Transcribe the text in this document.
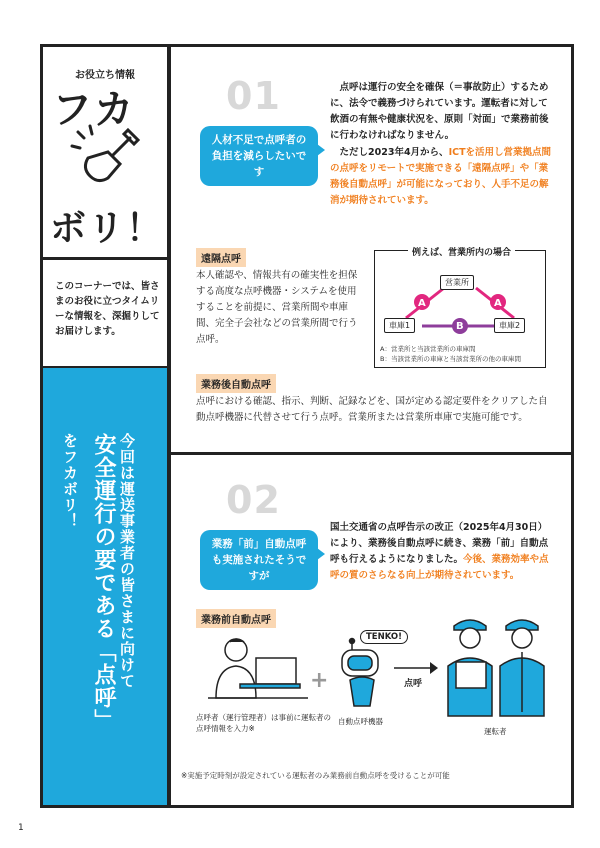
お役立ち情報
フカ
ボリ！
このコーナーでは、皆さまのお役に立つタイムリーな情報を、深掘りしてお届けします。
今回は運送事業者の皆さまに向けて
安全運行の要である「点呼」
をフカボリ！
01
人材不足で点呼者の負担を減らしたいです
点呼は運行の安全を確保（＝事故防止）するために、法令で義務づけられています。運転者に対して飲酒の有無や健康状況を、原則「対面」で業務前後に行わなければなりません。
ただし2023年4月から、ICTを活用し営業拠点間の点呼をリモートで実施できる「遠隔点呼」や「業務後自動点呼」が可能になっており、人手不足の解消が期待されています。
遠隔点呼
本人確認や、情報共有の確実性を担保する高度な点呼機器・システムを使用することを前提に、営業所間や車庫間、完全子会社などの営業所間で行う点呼。
例えば、営業所内の場合
A	A
B
営業所
車庫1	車庫2
A：営業所と当該営業所の車庫間
B：当該営業所の車庫と当該営業所の他の車庫間
業務後自動点呼
点呼における確認、指示、判断、記録などを、国が定める認定要件をクリアした自動点呼機器に代替させて行う点呼。営業所または営業所車庫で実施可能です。
02
業務「前」自動点呼も実施されたそうですが
国土交通省の点呼告示の改正（2025年4月30日）により、業務後自動点呼に続き、業務「前」自動点呼も行えるようになりました。今後、業務効率や点呼の質のさらなる向上が期待されています。
業務前自動点呼
+
TENKO!
点呼
点呼者（運行管理者）は事前に運転者の点呼情報を入力※
自動点呼機器
運転者
※実施予定時刻が設定されている運転者のみ業務前自動点呼を受けることが可能
1
